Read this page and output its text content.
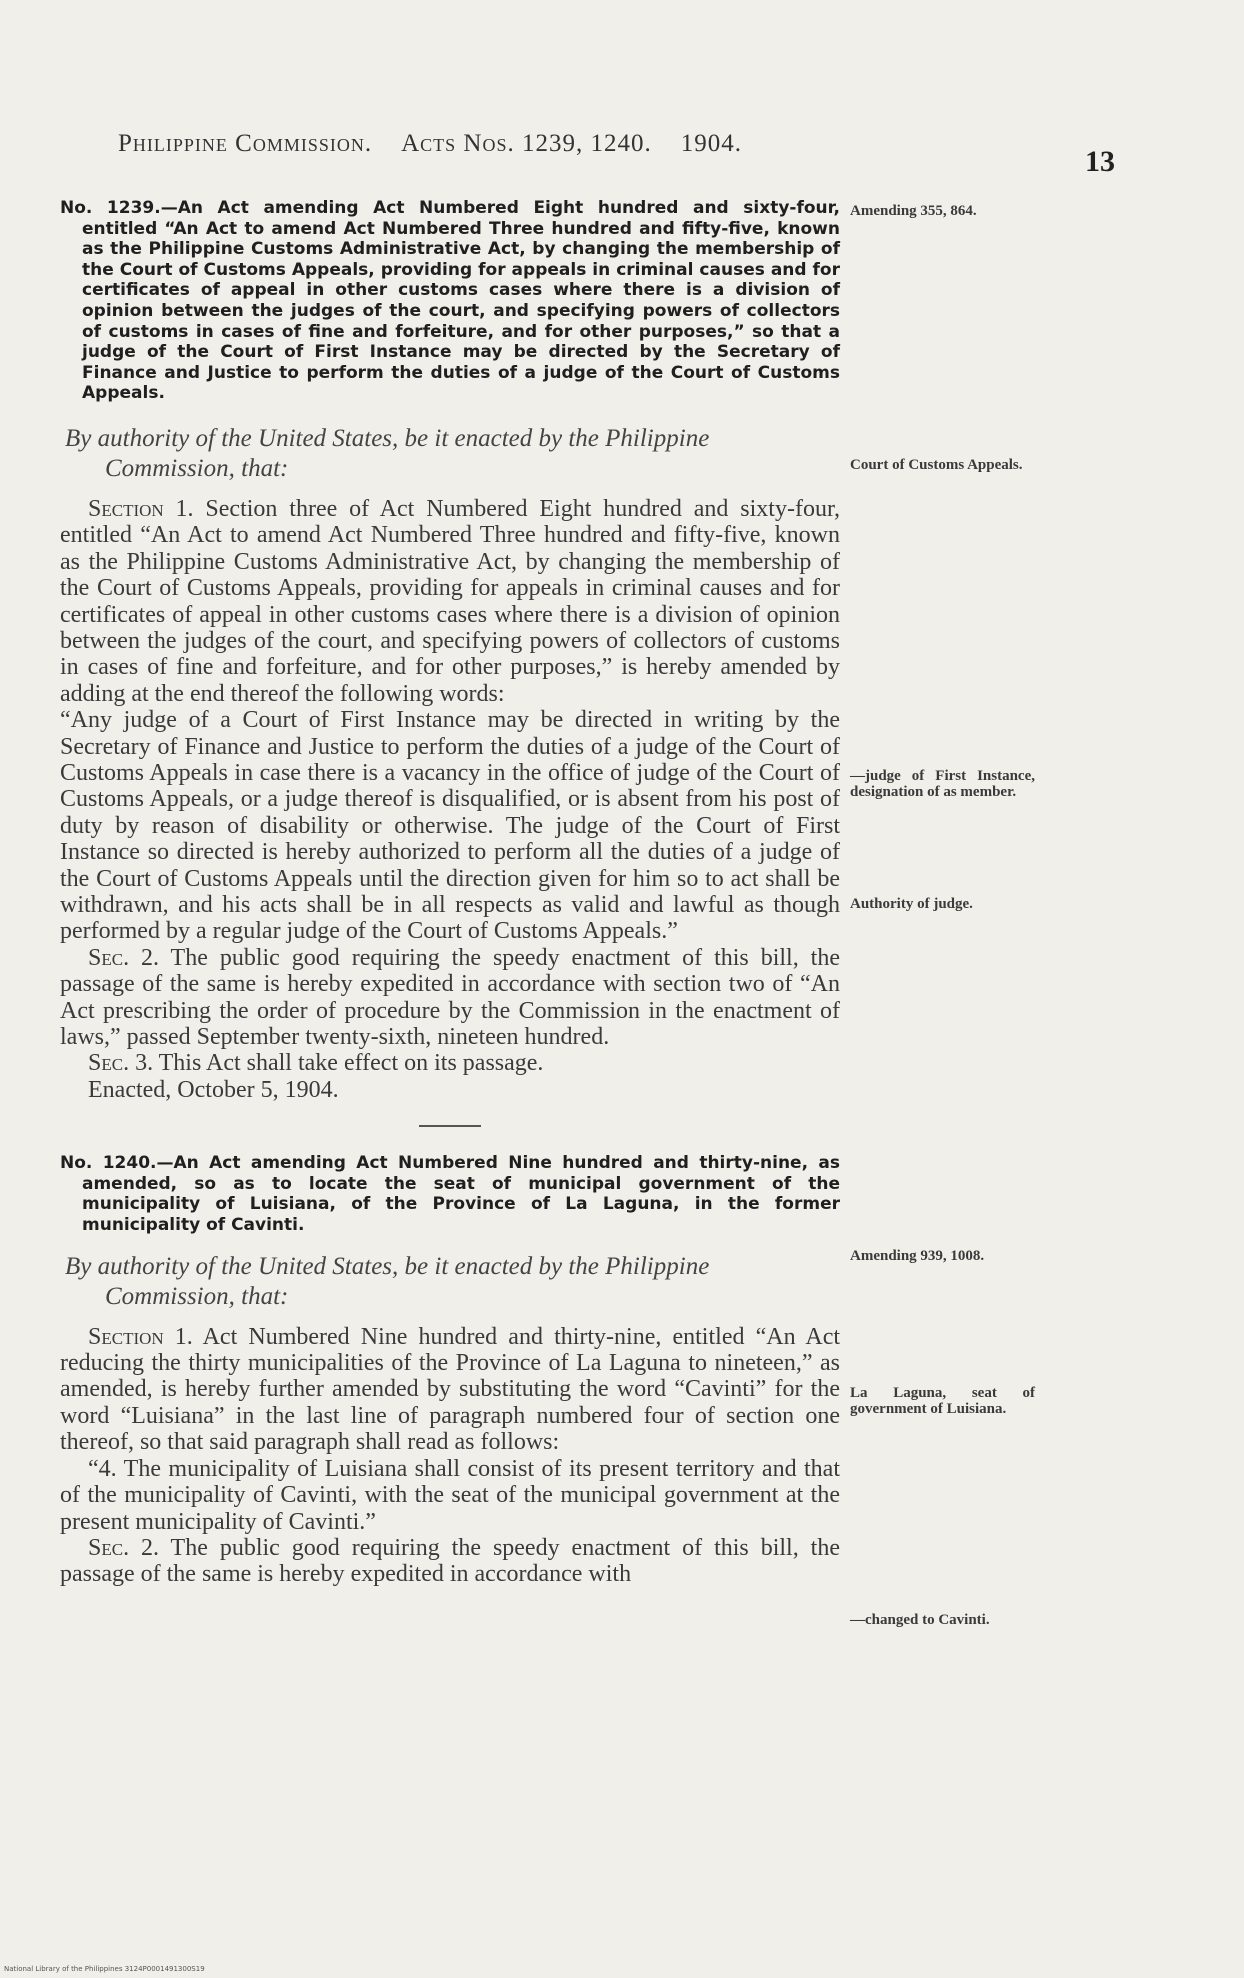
Philippine Commission. Acts Nos. 1239, 1240. 1904.
13

No. 1239.—An Act amending Act Numbered Eight hundred and sixty-four, entitled “An Act to amend Act Numbered Three hundred and fifty-five, known as the Philippine Customs Administrative Act, by changing the membership of the Court of Customs Appeals, providing for appeals in criminal causes and for certificates of appeal in other customs cases where there is a division of opinion between the judges of the court, and specifying powers of collectors of customs in cases of fine and forfeiture, and for other purposes,” so that a judge of the Court of First Instance may be directed by the Secretary of Finance and Justice to perform the duties of a judge of the Court of Customs Appeals.

By authority of the United States, be it enacted by the Philippine
Commission, that:

Section 1. Section three of Act Numbered Eight hundred and sixty-four, entitled “An Act to amend Act Numbered Three hundred and fifty-five, known as the Philippine Customs Administrative Act, by changing the membership of the Court of Customs Appeals, providing for appeals in criminal causes and for certificates of appeal in other customs cases where there is a division of opinion between the judges of the court, and specifying powers of collectors of customs in cases of fine and forfeiture, and for other purposes,” is hereby amended by adding at the end thereof the following words:

“Any judge of a Court of First Instance may be directed in writing by the Secretary of Finance and Justice to perform the duties of a judge of the Court of Customs Appeals in case there is a vacancy in the office of judge of the Court of Customs Appeals, or a judge thereof is disqualified, or is absent from his post of duty by reason of disability or otherwise. The judge of the Court of First Instance so directed is hereby authorized to perform all the duties of a judge of the Court of Customs Appeals until the direction given for him so to act shall be withdrawn, and his acts shall be in all respects as valid and lawful as though performed by a regular judge of the Court of Customs Appeals.”

Sec. 2. The public good requiring the speedy enactment of this bill, the passage of the same is hereby expedited in accordance with section two of “An Act prescribing the order of procedure by the Commission in the enactment of laws,” passed September twenty-sixth, nineteen hundred.

Sec. 3. This Act shall take effect on its passage.

Enacted, October 5, 1904.

No. 1240.—An Act amending Act Numbered Nine hundred and thirty-nine, as amended, so as to locate the seat of municipal government of the municipality of Luisiana, of the Province of La Laguna, in the former municipality of Cavinti.

By authority of the United States, be it enacted by the Philippine
Commission, that:

Section 1. Act Numbered Nine hundred and thirty-nine, entitled “An Act reducing the thirty municipalities of the Province of La Laguna to nineteen,” as amended, is hereby further amended by substituting the word “Cavinti” for the word “Luisiana” in the last line of paragraph numbered four of section one thereof, so that said paragraph shall read as follows:

“4. The municipality of Luisiana shall consist of its present territory and that of the municipality of Cavinti, with the seat of the municipal government at the present municipality of Cavinti.”

Sec. 2. The public good requiring the speedy enactment of this bill, the passage of the same is hereby expedited in accordance with

Amending 355, 864.
Court of Customs Appeals.
—judge of First Instance, designation of as member.
Authority of judge.
Amending 939, 1008.
La Laguna, seat of government of Luisiana.
—changed to Cavinti.
National Library of the Philippines 3124P0001491300S19
